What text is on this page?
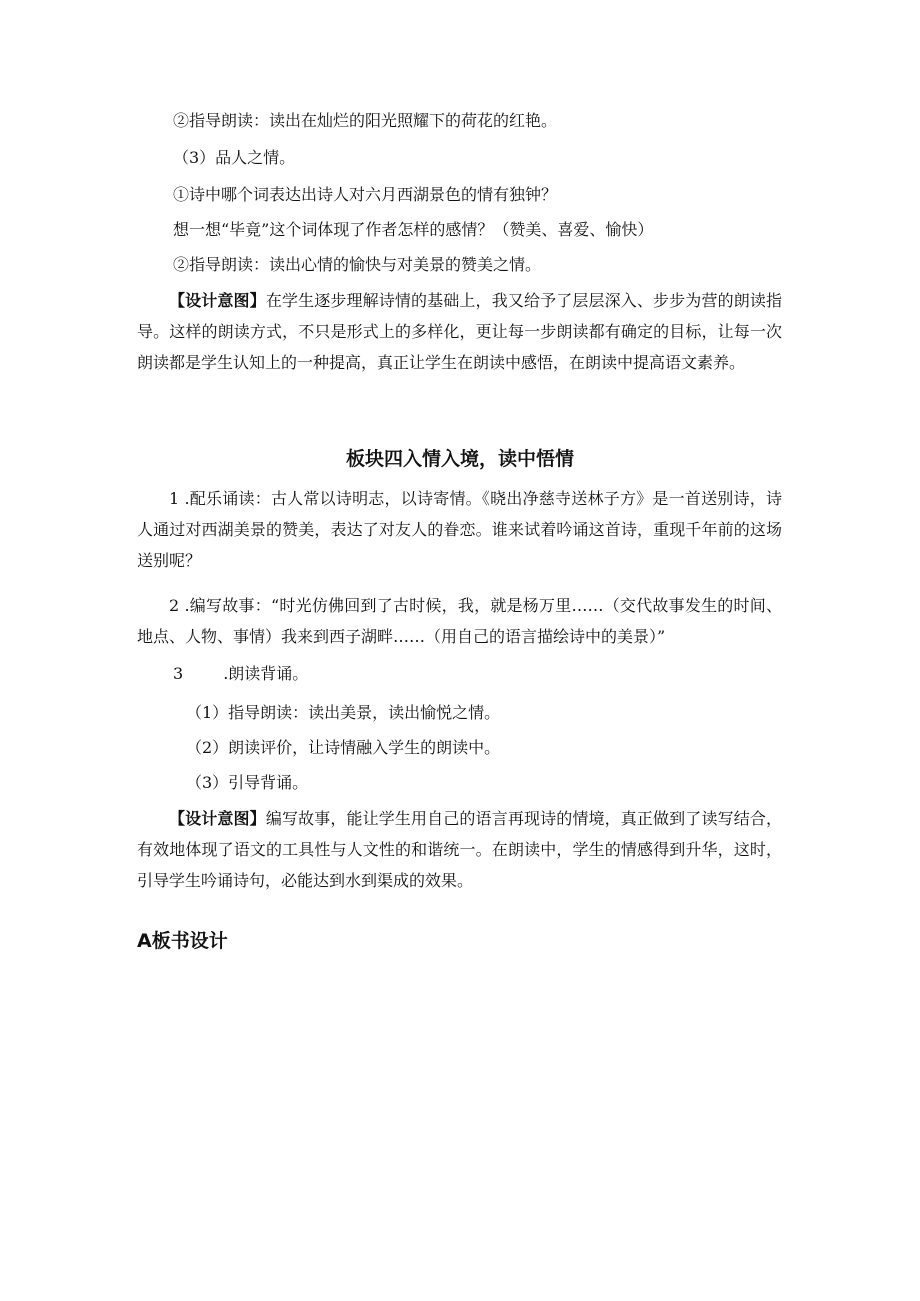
②指导朗读：读出在灿烂的阳光照耀下的荷花的红艳。
（3）品人之情。
①诗中哪个词表达出诗人对六月西湖景色的情有独钟？
想一想“毕竟”这个词体现了作者怎样的感情？（赞美、喜爱、愉快）
②指导朗读：读出心情的愉快与对美景的赞美之情。
【设计意图】在学生逐步理解诗情的基础上，我又给予了层层深入、步步为营的朗读指导。这样的朗读方式，不只是形式上的多样化，更让每一步朗读都有确定的目标，让每一次朗读都是学生认知上的一种提高，真正让学生在朗读中感悟，在朗读中提高语文素养。
板块四入情入境，读中悟情
1 .配乐诵读：古人常以诗明志，以诗寄情。《晓出净慈寺送林子方》是一首送别诗，诗人通过对西湖美景的赞美，表达了对友人的眷恋。谁来试着吟诵这首诗，重现千年前的这场送别呢？
2 .编写故事：“时光仿佛回到了古时候，我，就是杨万里……（交代故事发生的时间、地点、人物、事情）我来到西子湖畔……（用自己的语言描绘诗中的美景）”
3	.朗读背诵。
（1）指导朗读：读出美景，读出愉悦之情。
（2）朗读评价，让诗情融入学生的朗读中。
（3）引导背诵。
【设计意图】编写故事，能让学生用自己的语言再现诗的情境，真正做到了读写结合，有效地体现了语文的工具性与人文性的和谐统一。在朗读中，学生的情感得到升华，这时，引导学生吟诵诗句，必能达到水到渠成的效果。
A板书设计
